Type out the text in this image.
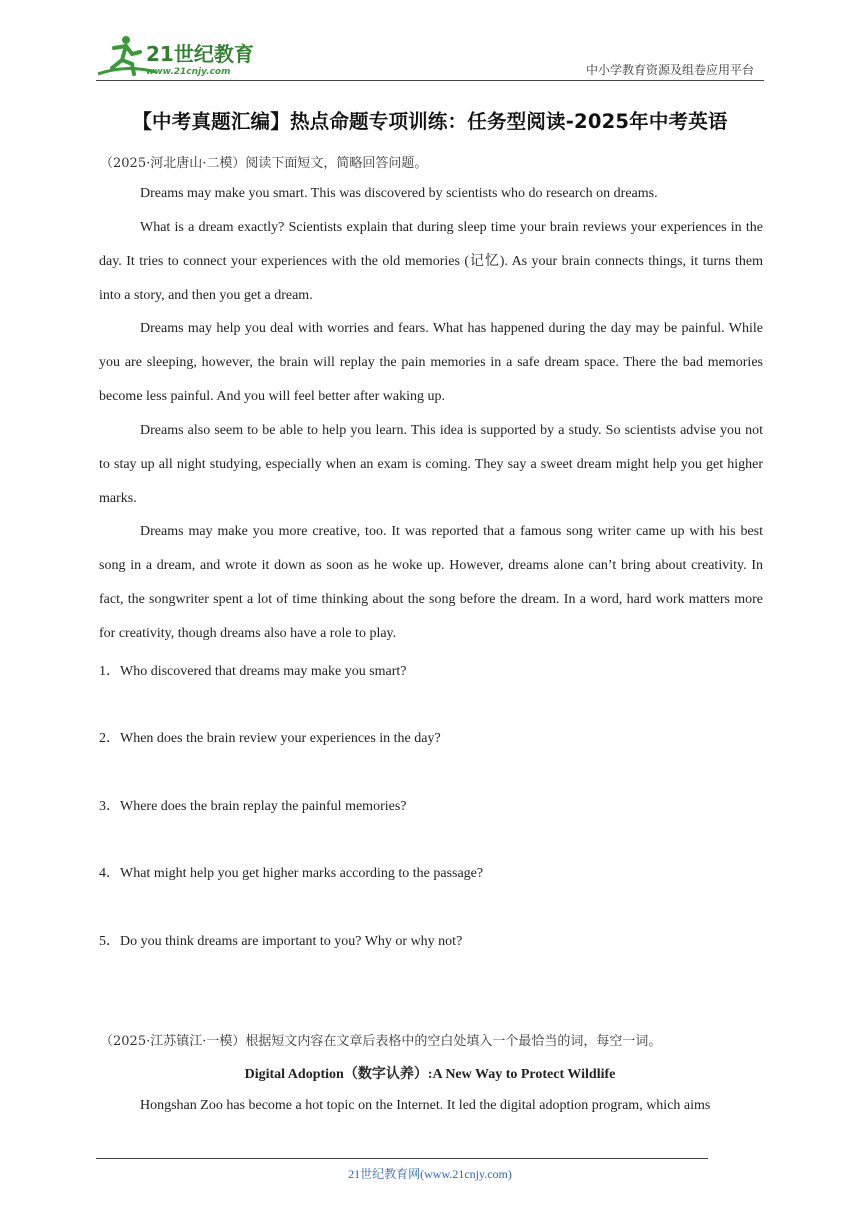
21世纪教育
www.21cnjy.com	中小学教育资源及组卷应用平台
【中考真题汇编】热点命题专项训练：任务型阅读-2025年中考英语
（2025·河北唐山·二模）阅读下面短文，简略回答问题。
Dreams may make you smart. This was discovered by scientists who do research on dreams.
What is a dream exactly? Scientists explain that during sleep time your brain reviews your experiences in the day. It tries to connect your experiences with the old memories (记忆). As your brain connects things, it turns them into a story, and then you get a dream.
Dreams may help you deal with worries and fears. What has happened during the day may be painful. While you are sleeping, however, the brain will replay the pain memories in a safe dream space. There the bad memories become less painful. And you will feel better after waking up.
Dreams also seem to be able to help you learn. This idea is supported by a study. So scientists advise you not to stay up all night studying, especially when an exam is coming. They say a sweet dream might help you get higher marks.
Dreams may make you more creative, too. It was reported that a famous song writer came up with his best song in a dream, and wrote it down as soon as he woke up. However, dreams alone can’t bring about creativity. In fact, the songwriter spent a lot of time thinking about the song before the dream. In a word, hard work matters more for creativity, though dreams also have a role to play.
1．Who discovered that dreams may make you smart?
2．When does the brain review your experiences in the day?
3．Where does the brain replay the painful memories?
4．What might help you get higher marks according to the passage?
5．Do you think dreams are important to you? Why or why not?
（2025·江苏镇江·一模）根据短文内容在文章后表格中的空白处填入一个最恰当的词，每空一词。
Digital Adoption（数字认养）:A New Way to Protect Wildlife
Hongshan Zoo has become a hot topic on the Internet. It led the digital adoption program, which aims
21世纪教育网(www.21cnjy.com)
